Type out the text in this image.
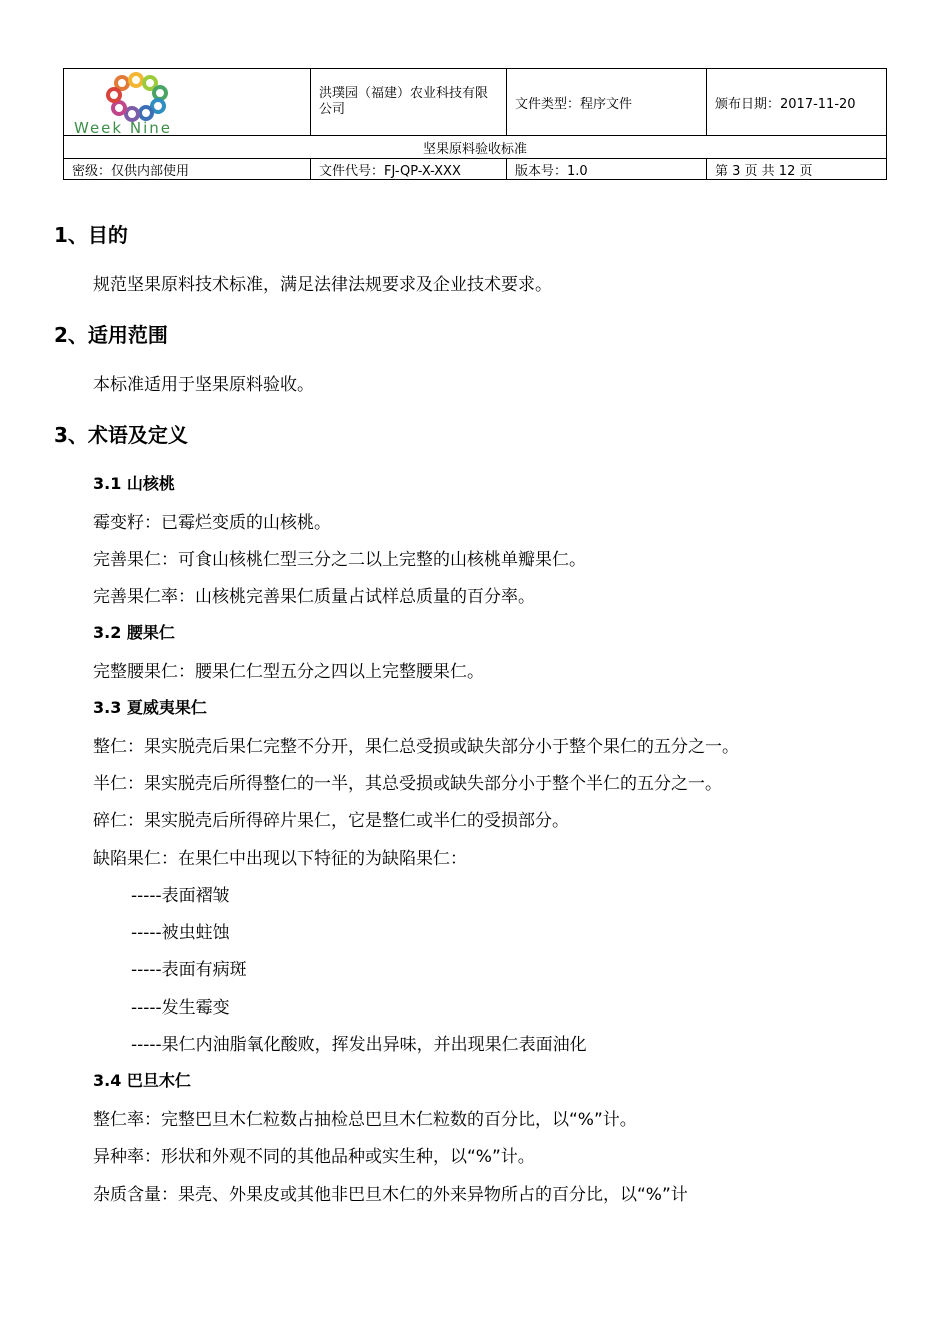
Week Nine
洪璞园（福建）农业科技有限公司	文件类型：程序文件	颁布日期：2017-11-20
坚果原料验收标准
密级：仅供内部使用	文件代号：FJ-QP-X-XXX	版本号：1.0	第 3 页 共 12 页
1、目的
规范坚果原料技术标准，满足法律法规要求及企业技术要求。
2、适用范围
本标准适用于坚果原料验收。
3、术语及定义
3.1 山核桃
霉变籽：已霉烂变质的山核桃。
完善果仁：可食山核桃仁型三分之二以上完整的山核桃单瓣果仁。
完善果仁率：山核桃完善果仁质量占试样总质量的百分率。
3.2 腰果仁
完整腰果仁：腰果仁仁型五分之四以上完整腰果仁。
3.3 夏威夷果仁
整仁：果实脱壳后果仁完整不分开，果仁总受损或缺失部分小于整个果仁的五分之一。
半仁：果实脱壳后所得整仁的一半，其总受损或缺失部分小于整个半仁的五分之一。
碎仁：果实脱壳后所得碎片果仁，它是整仁或半仁的受损部分。
缺陷果仁：在果仁中出现以下特征的为缺陷果仁：
-----表面褶皱
-----被虫蛀蚀
-----表面有病斑
-----发生霉变
-----果仁内油脂氧化酸败，挥发出异味，并出现果仁表面油化
3.4 巴旦木仁
整仁率：完整巴旦木仁粒数占抽检总巴旦木仁粒数的百分比，以“%”计。
异种率：形状和外观不同的其他品种或实生种，以“%”计。
杂质含量：果壳、外果皮或其他非巴旦木仁的外来异物所占的百分比，以“%”计
